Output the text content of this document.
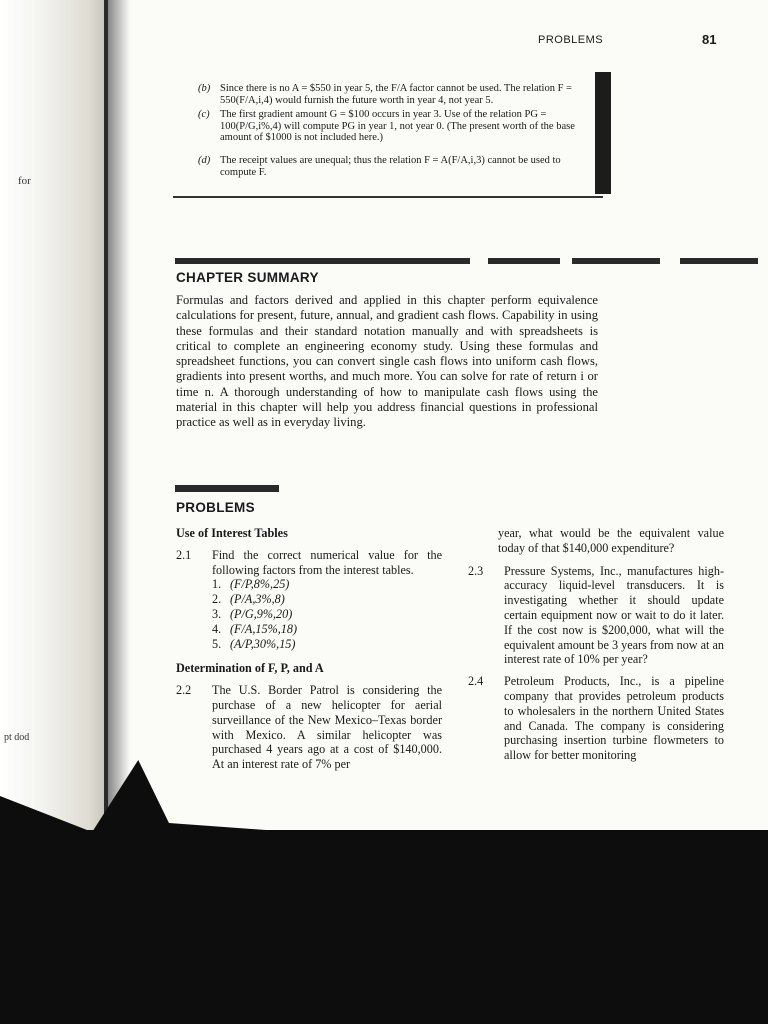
for
pt dod
PROBLEMS	81
(b) Since there is no A = $550 in year 5, the F/A factor cannot be used. The relation F = 550(F/A,i,4) would furnish the future worth in year 4, not year 5.
(c) The first gradient amount G = $100 occurs in year 3. Use of the relation PG = 100(P/G,i%,4) will compute PG in year 1, not year 0. (The present worth of the base amount of $1000 is not included here.)
(d) The receipt values are unequal; thus the relation F = A(F/A,i,3) cannot be used to compute F.
CHAPTER SUMMARY
Formulas and factors derived and applied in this chapter perform equivalence calculations for present, future, annual, and gradient cash flows. Capability in using these formulas and their standard notation manually and with spreadsheets is critical to complete an engineering economy study. Using these formulas and spreadsheet functions, you can convert single cash flows into uniform cash flows, gradients into present worths, and much more. You can solve for rate of return i or time n. A thorough understanding of how to manipulate cash flows using the material in this chapter will help you address financial questions in professional practice as well as in everyday living.
PROBLEMS
Use of Interest Tables
2.1 Find the correct numerical value for the following factors from the interest tables.
1. (F/P,8%,25)
2. (P/A,3%,8)
3. (P/G,9%,20)
4. (F/A,15%,18)
5. (A/P,30%,15)
Determination of F, P, and A
2.2 The U.S. Border Patrol is considering the purchase of a new helicopter for aerial surveillance of the New Mexico–Texas border with Mexico. A similar helicopter was purchased 4 years ago at a cost of $140,000. At an interest rate of 7% per
year, what would be the equivalent value today of that $140,000 expenditure?
2.3 Pressure Systems, Inc., manufactures high-accuracy liquid-level transducers. It is investigating whether it should update certain equipment now or wait to do it later. If the cost now is $200,000, what will the equivalent amount be 3 years from now at an interest rate of 10% per year?
2.4 Petroleum Products, Inc., is a pipeline company that provides petroleum products to wholesalers in the northern United States and Canada. The company is considering purchasing insertion turbine flowmeters to allow for better monitoring
